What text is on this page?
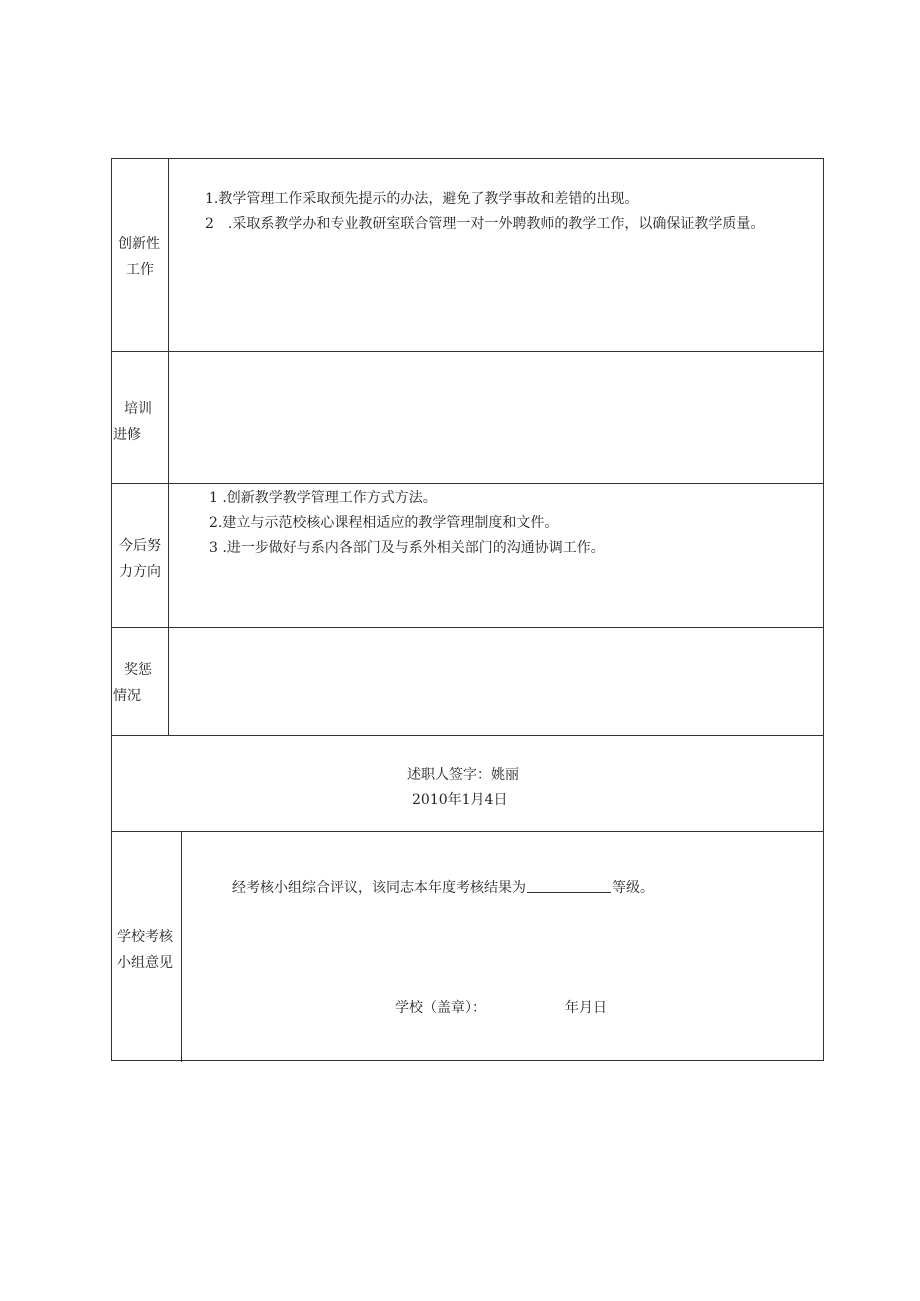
创新性
工作
1.教学管理工作采取预先提示的办法，避免了教学事故和差错的出现。
2　.采取系教学办和专业教研室联合管理一对一外聘教师的教学工作，以确保证教学质量。
培训
进修
今后努
力方向
1 .创新教学教学管理工作方式方法。
2.建立与示范校核心课程相适应的教学管理制度和文件。
3 .进一步做好与系内各部门及与系外相关部门的沟通协调工作。
奖惩
情况
述职人签字：姚丽
2010年1月4日
学校考核
小组意见
经考核小组综合评议，该同志本年度考核结果为	等级。
学校（盖章）：	年月日
